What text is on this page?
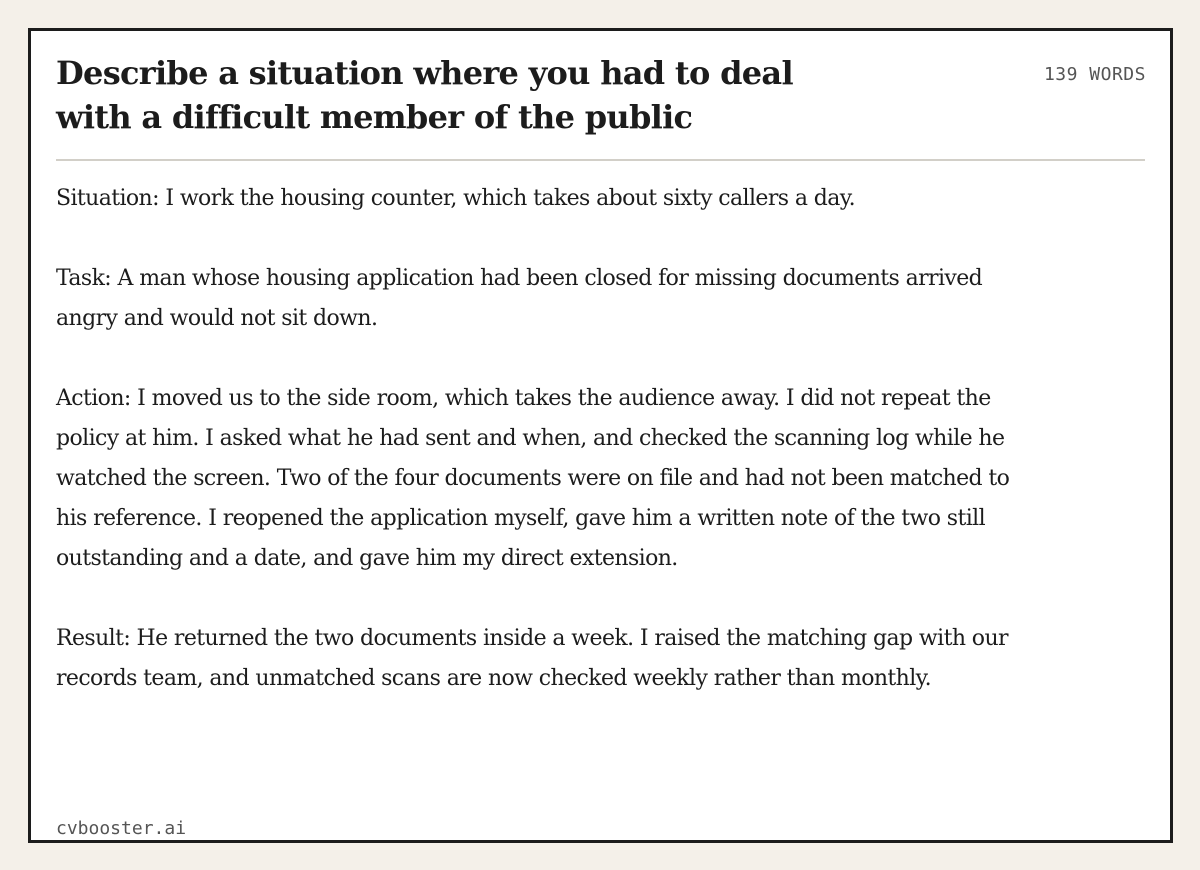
Describe a situation where you had to deal
with a difficult member of the public
139 WORDS

Situation: I work the housing counter, which takes about sixty callers a day.

Task: A man whose housing application had been closed for missing documents arrived angry and would not sit down.

Action: I moved us to the side room, which takes the audience away. I did not repeat the policy at him. I asked what he had sent and when, and checked the scanning log while he watched the screen. Two of the four documents were on file and had not been matched to his reference. I reopened the application myself, gave him a written note of the two still outstanding and a date, and gave him my direct extension.

Result: He returned the two documents inside a week. I raised the matching gap with our records team, and unmatched scans are now checked weekly rather than monthly.

cvbooster.ai
